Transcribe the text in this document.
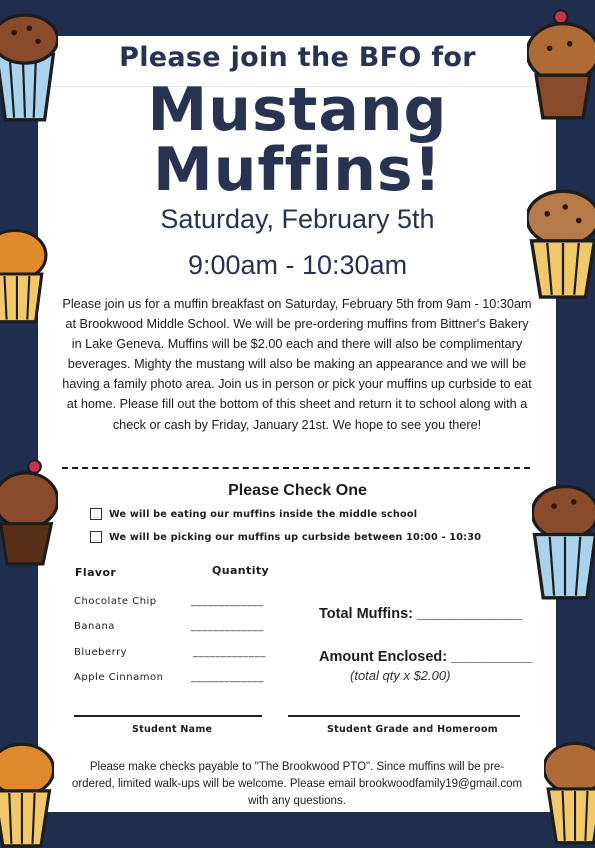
Please join the BFO for
Mustang
Muffins!
Saturday, February 5th
9:00am - 10:30am
Please join us for a muffin breakfast on Saturday, February 5th from 9am - 10:30am at Brookwood Middle School. We will be pre-ordering muffins from Bittner's Bakery in Lake Geneva. Muffins will be $2.00 each and there will also be complimentary beverages. Mighty the mustang will also be making an appearance and we will be having a family photo area. Join us in person or pick your muffins up curbside to eat at home. Please fill out the bottom of this sheet and return it to school along with a check or cash by Friday, January 21st. We hope to see you there!
Please Check One
We will be eating our muffins inside the middle school
We will be picking our muffins up curbside between 10:00 - 10:30
Flavor	Quantity
Chocolate Chip
Banana
Blueberry
Apple Cinnamon
_____________
_____________
_____________
_____________
Total Muffins: _____________
Amount Enclosed: __________
(total qty x $2.00)
Student Name	Student Grade and Homeroom
Please make checks payable to "The Brookwood PTO". Since muffins will be pre-ordered, limited walk-ups will be welcome. Please email brookwoodfamily19@gmail.com with any questions.
